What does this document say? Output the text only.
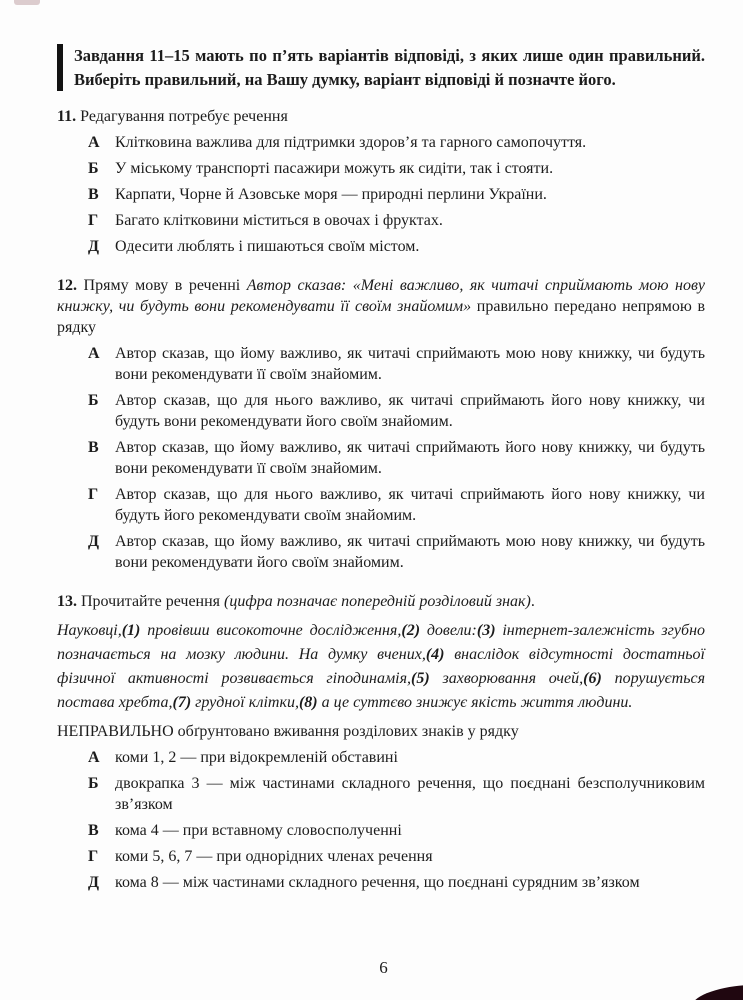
Завдання 11–15 мають по п’ять варіантів відповіді, з яких лише один правильний. Виберіть правильний, на Вашу думку, варіант відповіді й позначте його.

11. Редагування потребує речення

А Клітковина важлива для підтримки здоров’я та гарного самопочуття.
Б	У міському транспорті пасажири можуть як сидіти, так і стояти.
В	Карпати, Чорне й Азовське моря — природні перлини України.
Г	Багато клітковини міститься в овочах і фруктах.
Д Одесити люблять і пишаються своїм містом.

12. Пряму мову в реченні Автор сказав: «Мені важливо, як читачі сприймають мою нову книжку, чи будуть вони рекомендувати її своїм знайомим» правильно передано непрямою в рядку

А Автор сказав, що йому важливо, як читачі сприймають мою нову книжку, чи будуть вони рекомендувати її своїм знайомим.
Б	Автор сказав, що для нього важливо, як читачі сприймають його нову книжку, чи будуть вони рекомендувати його своїм знайомим.
В	Автор сказав, що йому важливо, як читачі сприймають його нову книжку, чи будуть вони рекомендувати її своїм знайомим.
Г	Автор сказав, що для нього важливо, як читачі сприймають його нову книжку, чи будуть його рекомендувати своїм знайомим.
Д Автор сказав, що йому важливо, як читачі сприймають мою нову книжку, чи будуть вони рекомендувати його своїм знайомим.

13. Прочитайте речення (цифра позначає попередній розділовий знак).

Науковці,(1) провівши високоточне дослідження,(2) довели:(3) інтернет-залежність згубно позначається на мозку людини. На думку вчених,(4) внаслідок відсутності достатньої фізичної активності розвивається гіподинамія,(5) захворювання очей,(6) порушується постава хребта,(7) грудної клітки,(8) а це суттєво знижує якість життя людини.

НЕПРАВИЛЬНО обґрунтовано вживання розділових знаків у рядку

А коми 1, 2 — при відокремленій обставині
Б	двокрапка 3 — між частинами складного речення, що поєднані безсполучниковим зв’язком
В	кома 4 — при вставному словосполученні
Г	коми 5, 6, 7 — при однорідних членах речення
Д кома 8 — між частинами складного речення, що поєднані сурядним зв’язком
6
